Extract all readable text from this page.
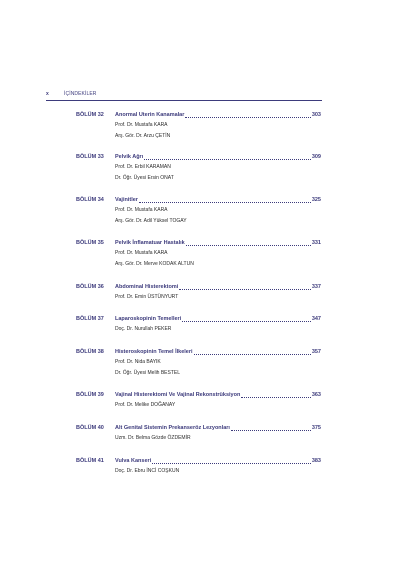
x	İÇİNDEKİLER
BÖLÜM 32 Anormal Uterin Kanamalar	303
Prof. Dr. Mustafa KARA
Arş. Gör. Dr. Arzu ÇETİN
BÖLÜM 33 Pelvik Ağrı	309
Prof. Dr. Erbil KARAMAN
Dr. Öğr. Üyesi Ersin ONAT
BÖLÜM 34 Vajinitler	325
Prof. Dr. Mustafa KARA
Arş. Gör. Dr. Adil Yüksel TOGAY
BÖLÜM 35 Pelvik İnflamatuar Hastalık	331
Prof. Dr. Mustafa KARA
Arş. Gör. Dr. Merve KODAK ALTUN
BÖLÜM 36 Abdominal Histerektomi	337
Prof. Dr. Emin ÜSTÜNYURT
BÖLÜM 37 Laparoskopinin Temelleri	347
Doç. Dr. Nurullah PEKER
BÖLÜM 38 Histeroskopinin Temel İlkeleri	357
Prof. Dr. Nida BAYIK
Dr. Öğr. Üyesi Melih BESTEL
BÖLÜM 39 Vajinal Histerektomi Ve Vajinal Rekonstrüksiyon	363
Prof. Dr. Melike DOĞANAY
BÖLÜM 40 Alt Genital Sistemin Prekanseröz Lezyonları	375
Uzm. Dr. Belma Gözde ÖZDEMİR
BÖLÜM 41 Vulva Kanseri	383
Doç. Dr. Ebru İNCİ COŞKUN
